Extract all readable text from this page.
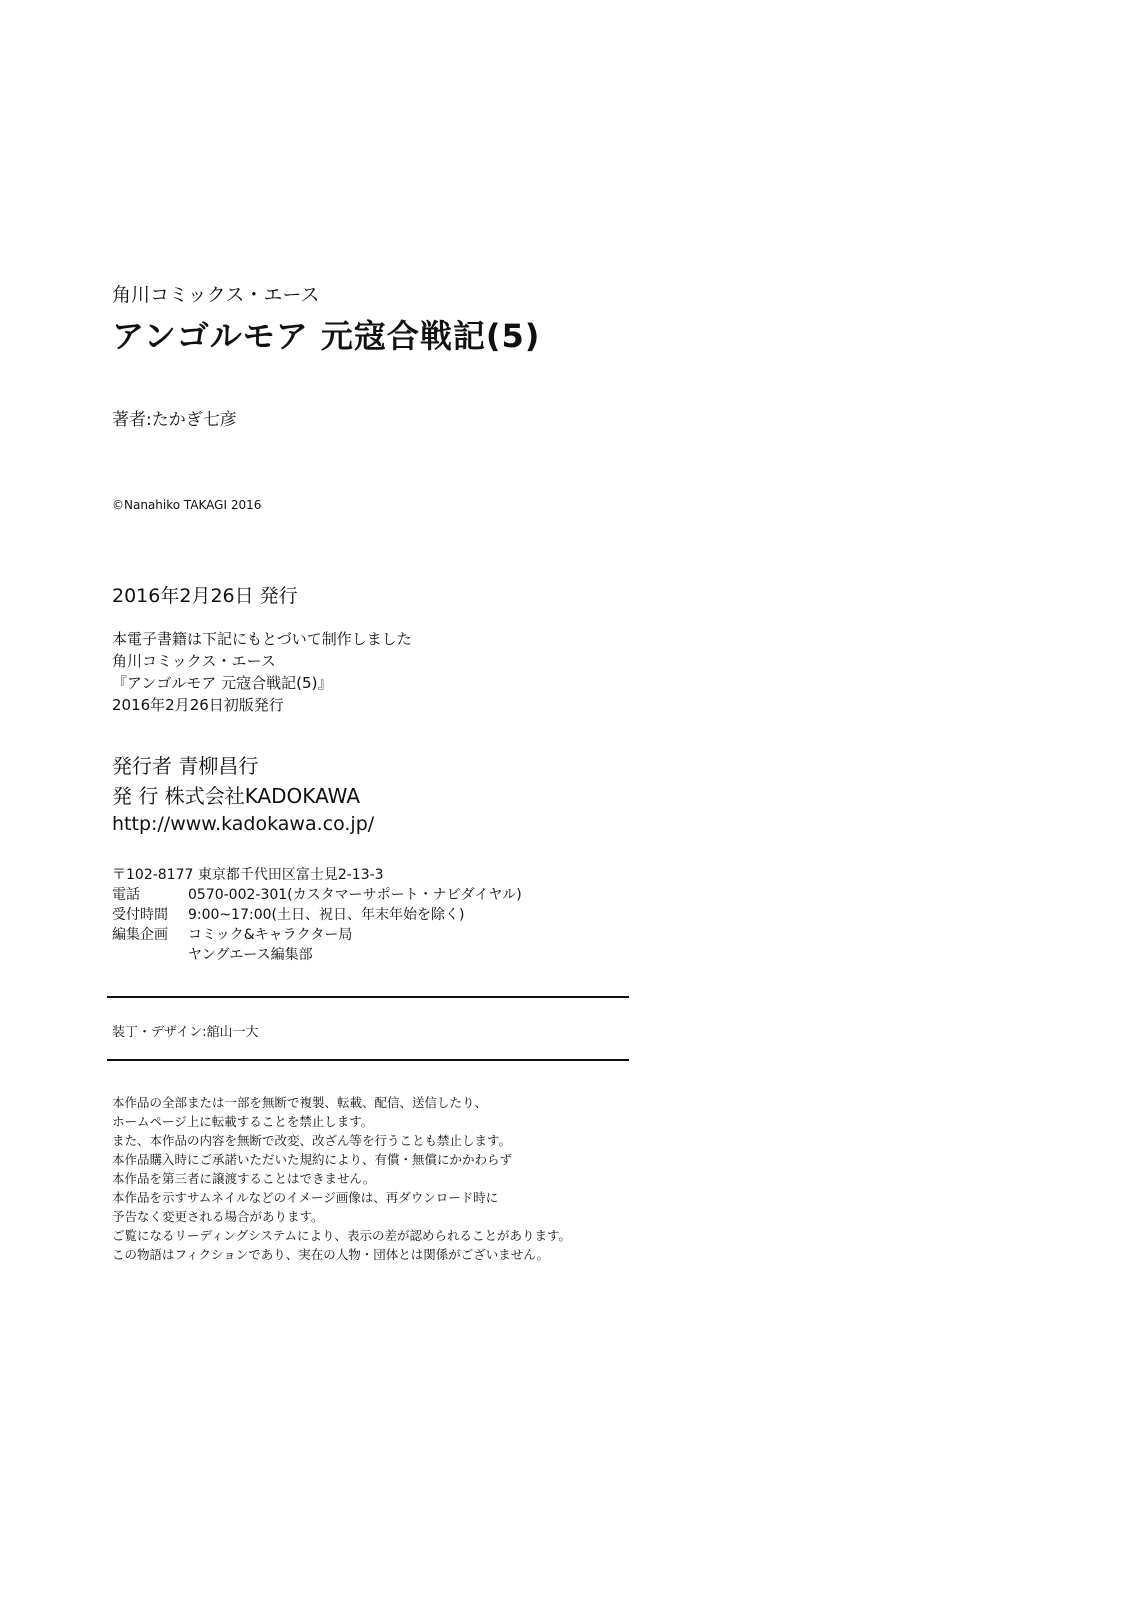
角川コミックス・エース
アンゴルモア 元寇合戦記(5)
著者:たかぎ七彦
©Nanahiko TAKAGI 2016
2016年2月26日 発行
本電子書籍は下記にもとづいて制作しました
角川コミックス・エース
『アンゴルモア 元寇合戦記(5)』
2016年2月26日初版発行
発行者 青柳昌行
発 行 株式会社KADOKAWA
http://www.kadokawa.co.jp/
〒102-8177 東京都千代田区富士見2-13-3
電話	0570-002-301(カスタマーサポート・ナビダイヤル)
受付時間	9:00~17:00(土日、祝日、年末年始を除く)
編集企画	コミック&キャラクター局
ヤングエース編集部
装丁・デザイン:舘山一大
本作品の全部または一部を無断で複製、転載、配信、送信したり、
ホームページ上に転載することを禁止します。
また、本作品の内容を無断で改変、改ざん等を行うことも禁止します。
本作品購入時にご承諾いただいた規約により、有償・無償にかかわらず
本作品を第三者に譲渡することはできません。
本作品を示すサムネイルなどのイメージ画像は、再ダウンロード時に
予告なく変更される場合があります。
ご覧になるリーディングシステムにより、表示の差が認められることがあります。
この物語はフィクションであり、実在の人物・団体とは関係がございません。
